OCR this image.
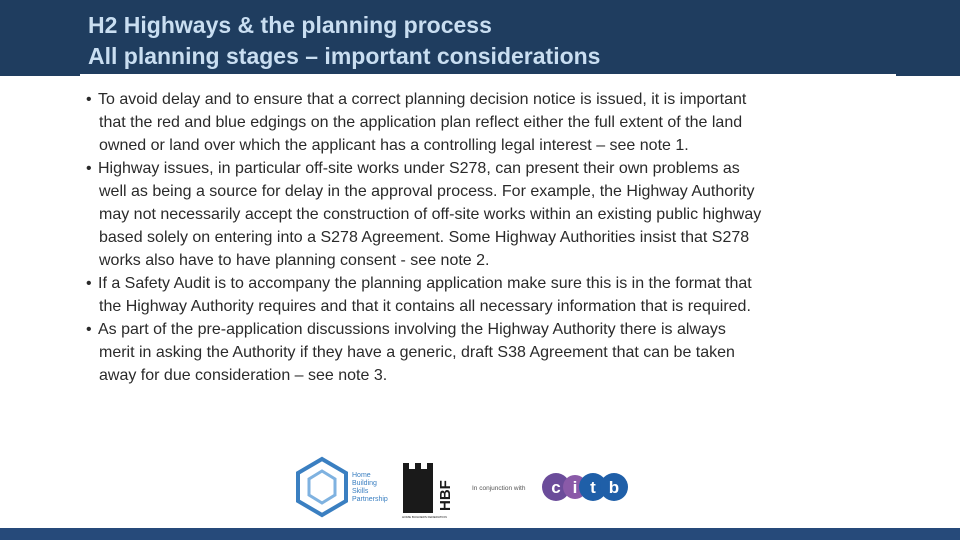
H2 Highways & the planning process
All planning stages – important considerations

• To avoid delay and to ensure that a correct planning decision notice is issued, it is important
that the red and blue edgings on the application plan reflect either the full extent of the land
owned or land over which the applicant has a controlling legal interest – see note 1.

• Highway issues, in particular off-site works under S278, can present their own problems as
well as being a source for delay in the approval process. For example, the Highway Authority
may not necessarily accept the construction of off-site works within an existing public highway
based solely on entering into a S278 Agreement. Some Highway Authorities insist that S278
works also have to have planning consent - see note 2.

• If a Safety Audit is to accompany the planning application make sure this is in the format that
the Highway Authority requires and that it contains all necessary information that is required.

• As part of the pre-application discussions involving the Highway Authority there is always
merit in asking the Authority if they have a generic, draft S38 Agreement that can be taken
away for due consideration – see note 3.

Home
Building
Skills
Partnership	HBF
HOME BUILDERS FEDERATION
In conjunction with c i t b
